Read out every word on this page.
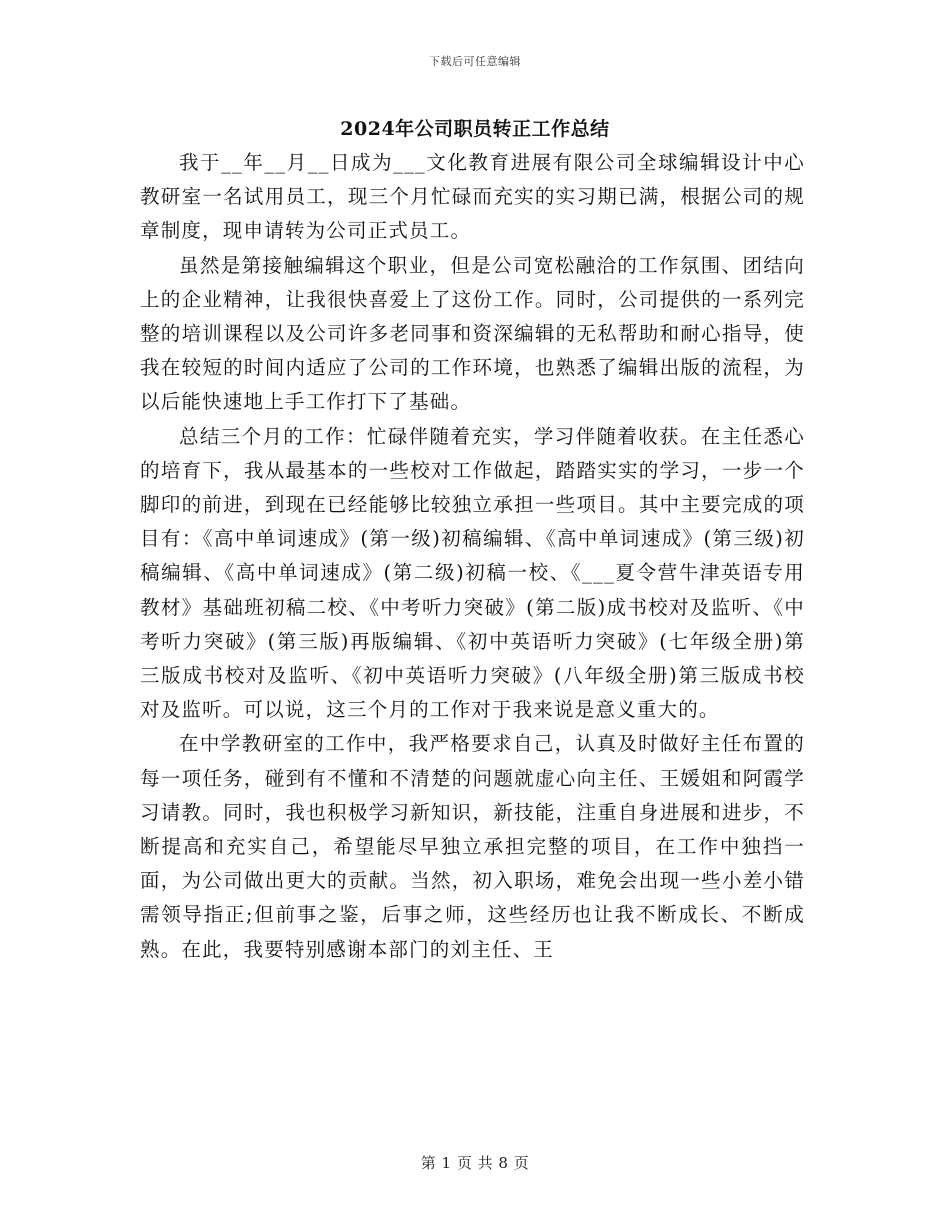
下载后可任意编辑
2024年公司职员转正工作总结

我于__年__月__日成为___文化教育进展有限公司全球编辑设计中心教研室一名试用员工，现三个月忙碌而充实的实习期已满，根据公司的规章制度，现申请转为公司正式员工。

虽然是第接触编辑这个职业，但是公司宽松融洽的工作氛围、团结向上的企业精神，让我很快喜爱上了这份工作。同时，公司提供的一系列完整的培训课程以及公司许多老同事和资深编辑的无私帮助和耐心指导，使我在较短的时间内适应了公司的工作环境，也熟悉了编辑出版的流程，为以后能快速地上手工作打下了基础。

总结三个月的工作：忙碌伴随着充实，学习伴随着收获。在主任悉心的培育下，我从最基本的一些校对工作做起，踏踏实实的学习，一步一个脚印的前进，到现在已经能够比较独立承担一些项目。其中主要完成的项目有：《高中单词速成》(第一级)初稿编辑、《高中单词速成》(第三级)初稿编辑、《高中单词速成》(第二级)初稿一校、《___夏令营牛津英语专用教材》基础班初稿二校、《中考听力突破》(第二版)成书校对及监听、《中考听力突破》(第三版)再版编辑、《初中英语听力突破》(七年级全册)第三版成书校对及监听、《初中英语听力突破》(八年级全册)第三版成书校对及监听。可以说，这三个月的工作对于我来说是意义重大的。

在中学教研室的工作中，我严格要求自己，认真及时做好主任布置的每一项任务，碰到有不懂和不清楚的问题就虚心向主任、王媛姐和阿霞学习请教。同时，我也积极学习新知识，新技能，注重自身进展和进步，不断提高和充实自己，希望能尽早独立承担完整的项目，在工作中独挡一面，为公司做出更大的贡献。当然，初入职场，难免会出现一些小差小错需领导指正;但前事之鉴，后事之师，这些经历也让我不断成长、不断成熟。在此，我要特别感谢本部门的刘主任、王

第 1 页 共 8 页
